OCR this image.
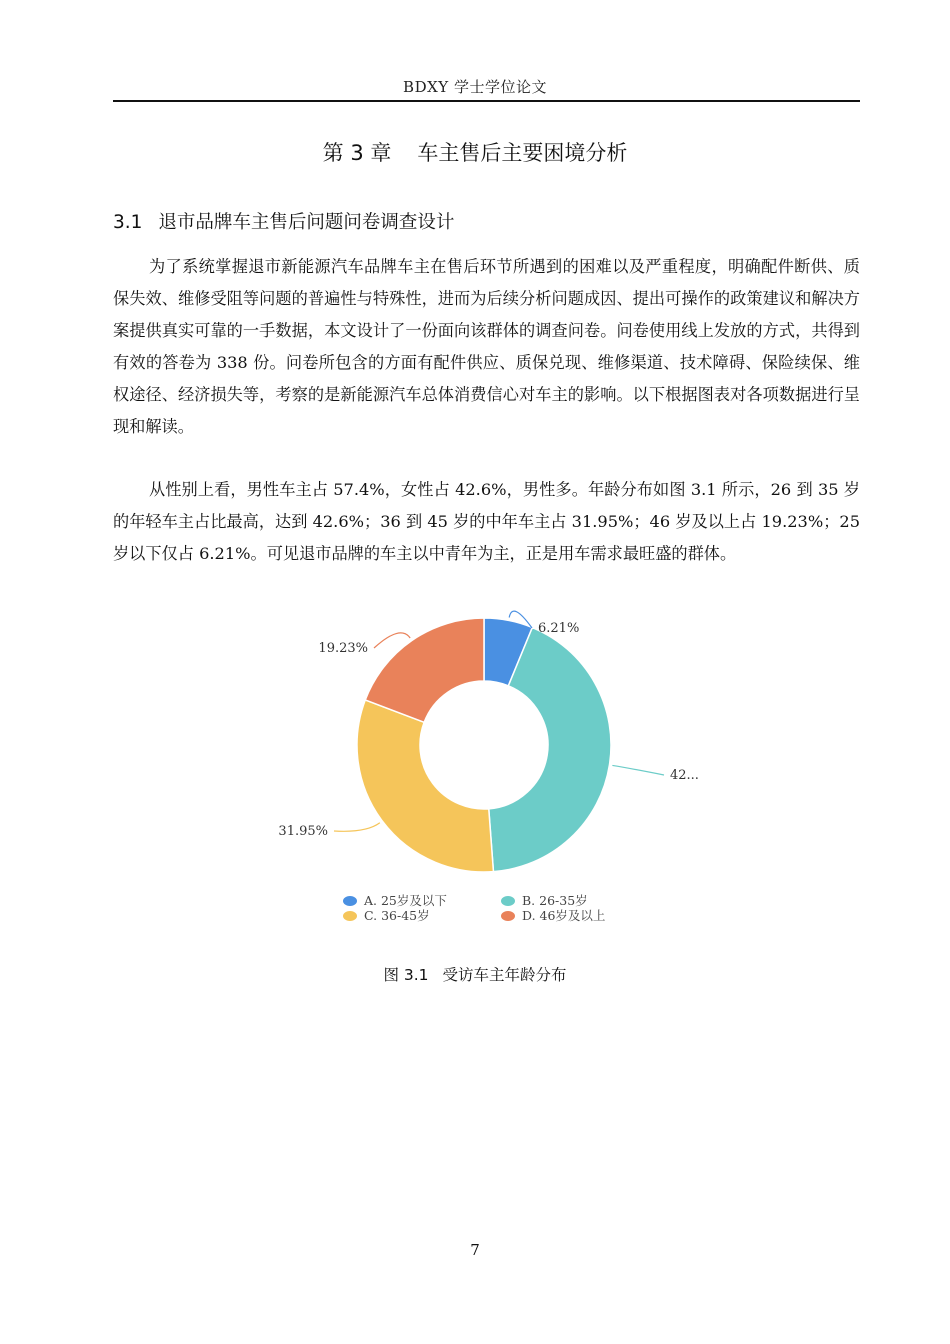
BDXY 学士学位论文
第 3 章 车主售后主要困境分析
3.1 退市品牌车主售后问题问卷调查设计
为了系统掌握退市新能源汽车品牌车主在售后环节所遇到的困难以及严重程度，明确配件断供、质保失效、维修受阻等问题的普遍性与特殊性，进而为后续分析问题成因、提出可操作的政策建议和解决方案提供真实可靠的一手数据，本文设计了一份面向该群体的调查问卷。问卷使用线上发放的方式，共得到有效的答卷为 338 份。问卷所包含的方面有配件供应、质保兑现、维修渠道、技术障碍、保险续保、维权途径、经济损失等，考察的是新能源汽车总体消费信心对车主的影响。以下根据图表对各项数据进行呈现和解读。
从性别上看，男性车主占 57.4%，女性占 42.6%，男性多。年龄分布如图 3.1 所示，26 到 35 岁的年轻车主占比最高，达到 42.6%；36 到 45 岁的中年车主占 31.95%；46 岁及以上占 19.23%；25 岁以下仅占 6.21%。可见退市品牌的车主以中青年为主，正是用车需求最旺盛的群体。
6.21%
42...
31.95%
19.23%
A. 25岁及以下	B. 26-35岁
C. 36-45岁	D. 46岁及以上
图 3.1 受访车主年龄分布
7
